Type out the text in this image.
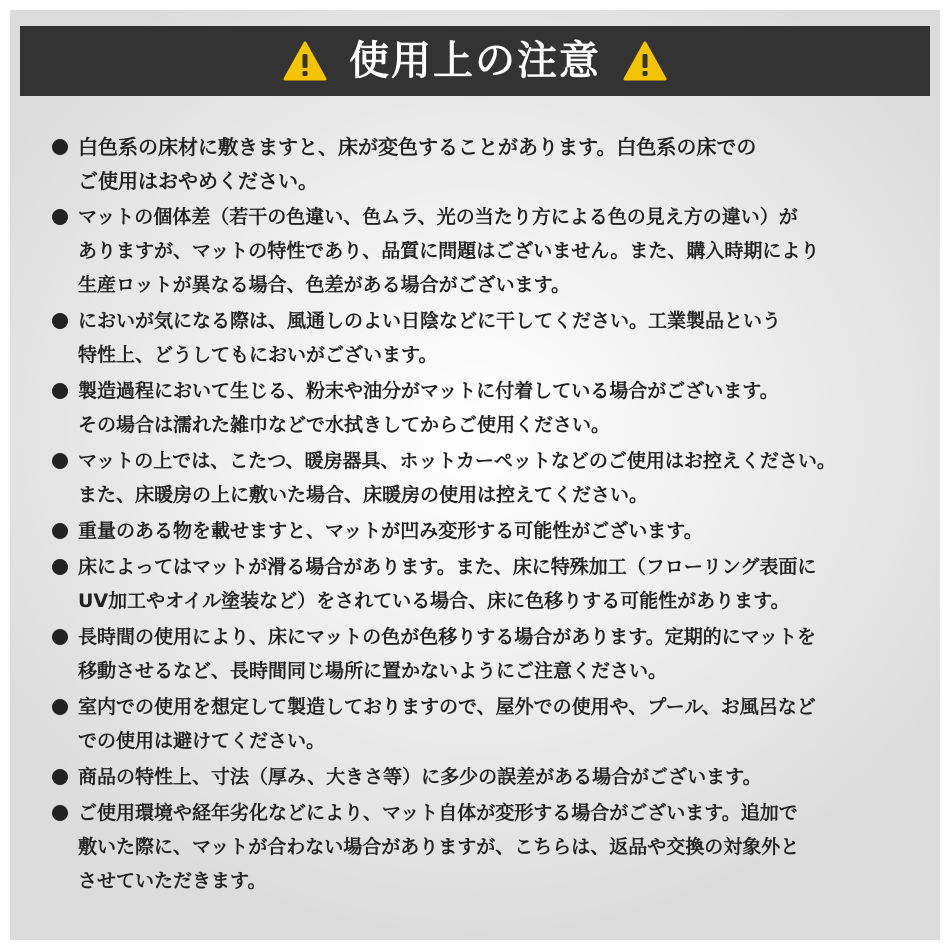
使用上の注意
白色系の床材に敷きますと、床が変色することがあります。白色系の床での
ご使用はおやめください。
マットの個体差（若干の色違い、色ムラ、光の当たり方による色の見え方の違い）が
ありますが、マットの特性であり、品質に問題はございません。また、購入時期により
生産ロットが異なる場合、色差がある場合がございます。
においが気になる際は、風通しのよい日陰などに干してください。工業製品という
特性上、どうしてもにおいがございます。
製造過程において生じる、粉末や油分がマットに付着している場合がございます。
その場合は濡れた雑巾などで水拭きしてからご使用ください。
マットの上では、こたつ、暖房器具、ホットカーペットなどのご使用はお控えください。
また、床暖房の上に敷いた場合、床暖房の使用は控えてください。
重量のある物を載せますと、マットが凹み変形する可能性がございます。
床によってはマットが滑る場合があります。また、床に特殊加工（フローリング表面に
UV加工やオイル塗装など）をされている場合、床に色移りする可能性があります。
長時間の使用により、床にマットの色が色移りする場合があります。定期的にマットを
移動させるなど、長時間同じ場所に置かないようにご注意ください。
室内での使用を想定して製造しておりますので、屋外での使用や、プール、お風呂など
での使用は避けてください。
商品の特性上、寸法（厚み、大きさ等）に多少の誤差がある場合がございます。
ご使用環境や経年劣化などにより、マット自体が変形する場合がございます。追加で
敷いた際に、マットが合わない場合がありますが、こちらは、返品や交換の対象外と
させていただきます。
